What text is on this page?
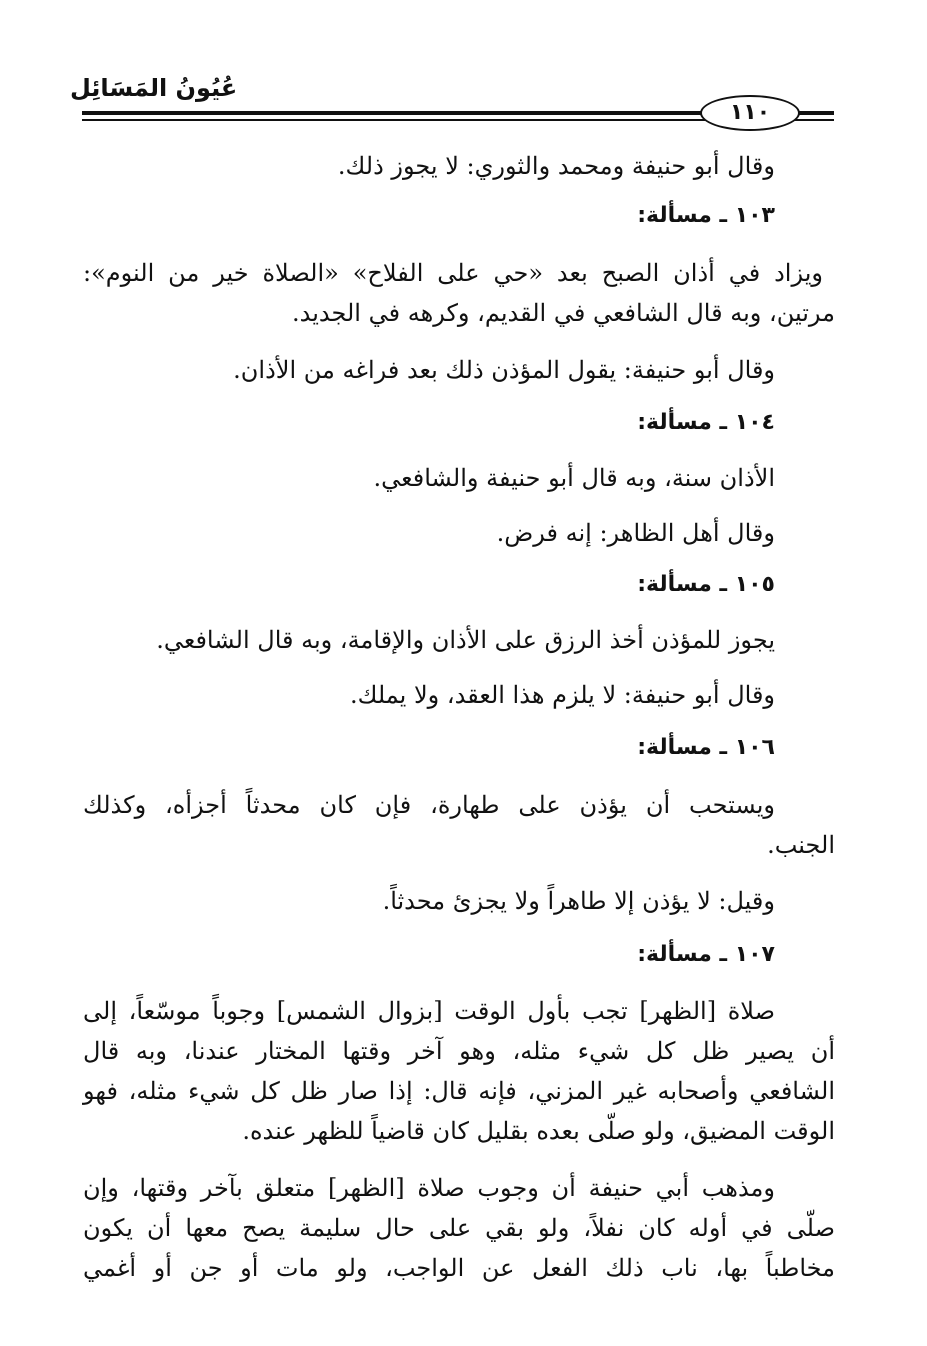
عُيُونُ المَسَائِل
١١٠
وقال أبو حنيفة ومحمد والثوري: لا يجوز ذلك.
١٠٣ ـ مسألة:
ويزاد في أذان الصبح بعد «حي على الفلاح» «الصلاة خير من النوم»:
مرتين، وبه قال الشافعي في القديم، وكرهه في الجديد.
وقال أبو حنيفة: يقول المؤذن ذلك بعد فراغه من الأذان.
١٠٤ ـ مسألة:
الأذان سنة، وبه قال أبو حنيفة والشافعي.
وقال أهل الظاهر: إنه فرض.
١٠٥ ـ مسألة:
يجوز للمؤذن أخذ الرزق على الأذان والإقامة، وبه قال الشافعي.
وقال أبو حنيفة: لا يلزم هذا العقد، ولا يملك.
١٠٦ ـ مسألة:
ويستحب أن يؤذن على طهارة، فإن كان محدثاً أجزأه، وكذلك
الجنب.
وقيل: لا يؤذن إلا طاهراً ولا يجزئ محدثاً.
١٠٧ ـ مسألة:
صلاة [الظهر] تجب بأول الوقت [بزوال الشمس] وجوباً موسّعاً، إلى
أن يصير ظل كل شيء مثله، وهو آخر وقتها المختار عندنا، وبه قال
الشافعي وأصحابه غير المزني، فإنه قال: إذا صار ظل كل شيء مثله، فهو
الوقت المضيق، ولو صلّى بعده بقليل كان قاضياً للظهر عنده.
ومذهب أبي حنيفة أن وجوب صلاة [الظهر] متعلق بآخر وقتها، وإن
صلّى في أوله كان نفلاً، ولو بقي على حال سليمة يصح معها أن يكون
مخاطباً بها، ناب ذلك الفعل عن الواجب، ولو مات أو جن أو أغمي
